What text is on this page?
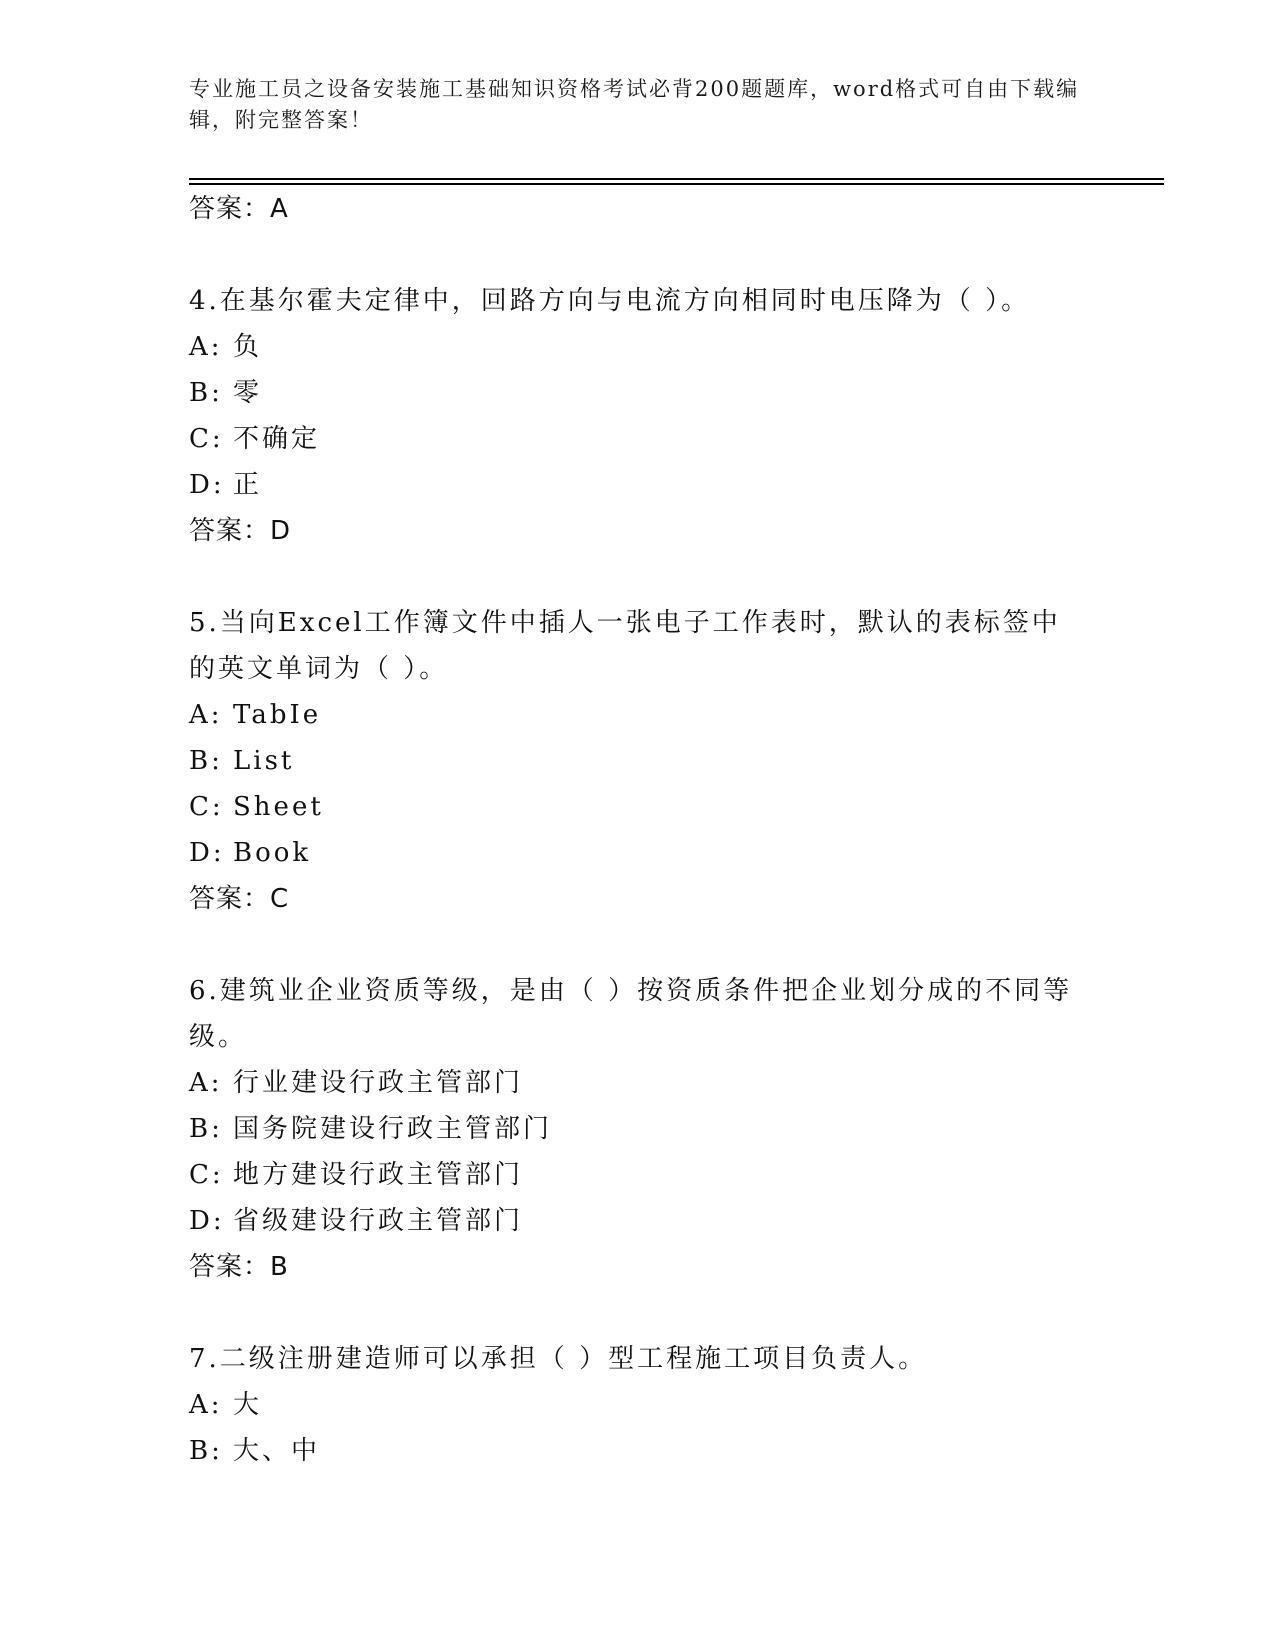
专业施工员之设备安装施工基础知识资格考试必背200题题库，word格式可自由下载编辑，附完整答案！

答案：A

4.在基尔霍夫定律中，回路方向与电流方向相同时电压降为（ ）。

A: 负

B: 零

C: 不确定

D: 正

答案：D

5.当向Excel工作簿文件中插人一张电子工作表时，默认的表标签中的英文单词为（ ）。

A: TabIe

B: List

C: Sheet

D: Book

答案：C

6.建筑业企业资质等级，是由（ ）按资质条件把企业划分成的不同等级。

A: 行业建设行政主管部门

B: 国务院建设行政主管部门

C: 地方建设行政主管部门

D: 省级建设行政主管部门

答案：B

7.二级注册建造师可以承担（ ）型工程施工项目负责人。

A: 大

B: 大、中
